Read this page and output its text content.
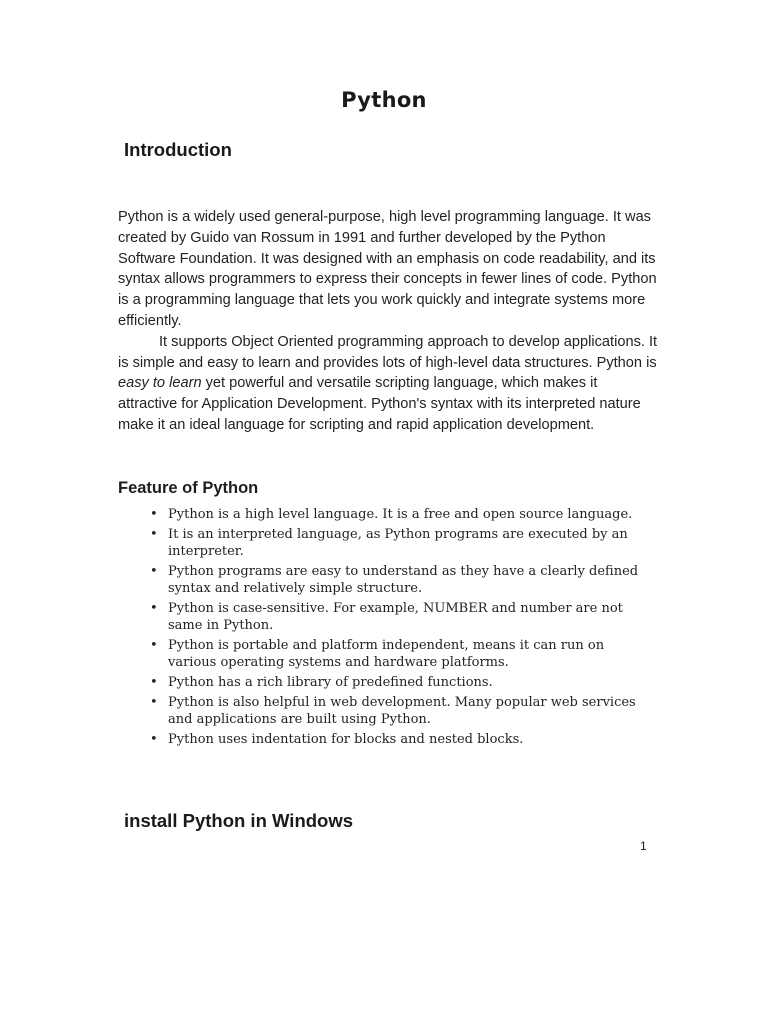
Python
Introduction

Python is a widely used general-purpose, high level programming language. It was created by Guido van Rossum in 1991 and further developed by the Python Software Foundation. It was designed with an emphasis on code readability, and its syntax allows programmers to express their concepts in fewer lines of code. Python is a programming language that lets you work quickly and integrate systems more efficiently.

It supports Object Oriented programming approach to develop applications. It is simple and easy to learn and provides lots of high-level data structures. Python is easy to learn yet powerful and versatile scripting language, which makes it attractive for Application Development. Python's syntax with its interpreted nature make it an ideal language for scripting and rapid application development.

Feature of Python
• Python is a high level language. It is a free and open source language.
• It is an interpreted language, as Python programs are executed by an interpreter.
• Python programs are easy to understand as they have a clearly defined syntax and relatively simple structure.
• Python is case-sensitive. For example, NUMBER and number are not same in Python.
• Python is portable and platform independent, means it can run on various operating systems and hardware platforms.
• Python has a rich library of predefined functions.
• Python is also helpful in web development. Many popular web services and applications are built using Python.
• Python uses indentation for blocks and nested blocks.
install Python in Windows
1
